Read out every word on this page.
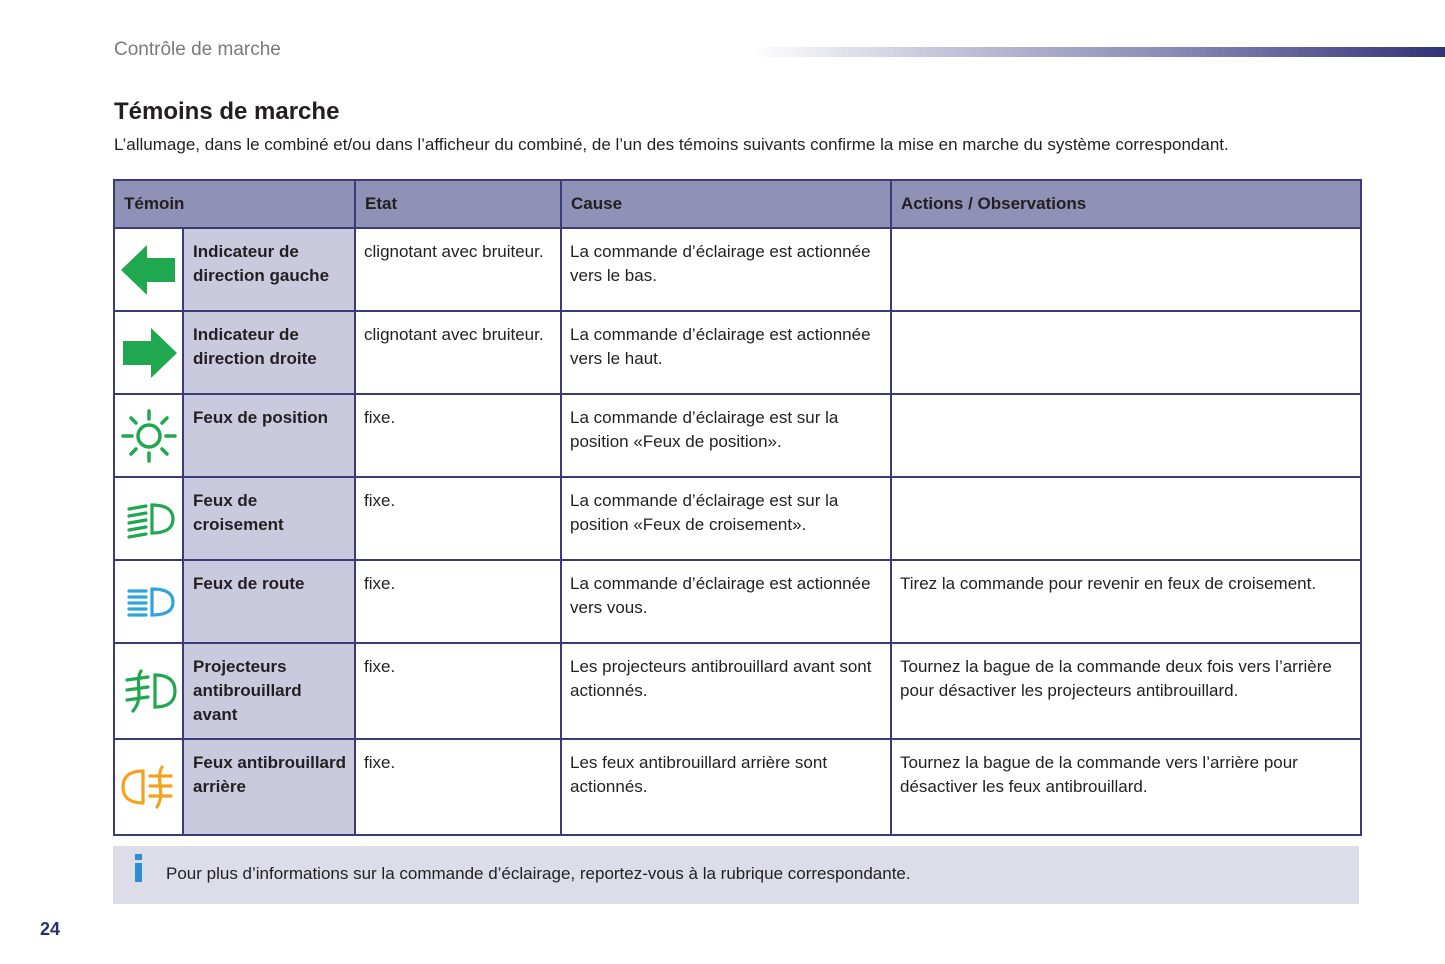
Contrôle de marche
Témoins de marche
L’allumage, dans le combiné et/ou dans l’afficheur du combiné, de l’un des témoins suivants confirme la mise en marche du système correspondant.
Témoin		Etat	Cause	Actions / Observations

	Indicateur de direction gauche	clignotant avec bruiteur.	La commande d’éclairage est actionnée vers le bas.	

	Indicateur de direction droite	clignotant avec bruiteur.	La commande d’éclairage est actionnée vers le haut.	

	Feux de position	fixe.	La commande d’éclairage est sur la position «Feux de position».	

	Feux de croisement	fixe.	La commande d’éclairage est sur la position «Feux de croisement».	

	Feux de route	fixe.	La commande d’éclairage est actionnée vers vous.	Tirez la commande pour revenir en feux de croisement.

	Projecteurs antibrouillard avant	fixe.	Les projecteurs antibrouillard avant sont actionnés.	Tournez la bague de la commande deux fois vers l’arrière pour désactiver les projecteurs antibrouillard.

	Feux antibrouillard arrière	fixe.	Les feux antibrouillard arrière sont actionnés.	Tournez la bague de la commande vers l’arrière pour désactiver les feux antibrouillard.
Pour plus d’informations sur la commande d’éclairage, reportez-vous à la rubrique correspondante.
24
